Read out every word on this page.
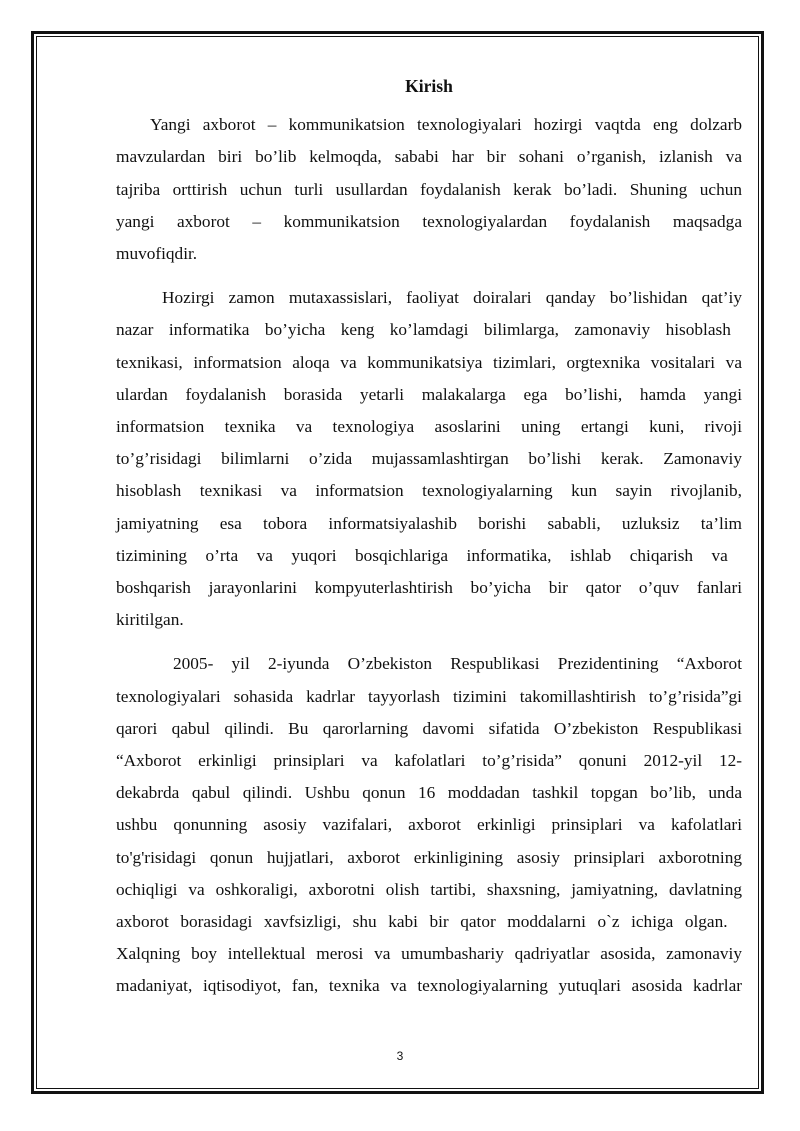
Kirish
Yangi axborot – kommunikatsion texnologiyalari hozirgi vaqtda eng dolzarb
mavzulardan biri bo’lib kelmoqda, sababi har bir sohani o’rganish, izlanish va
tajriba orttirish uchun turli usullardan foydalanish kerak bo’ladi. Shuning uchun
yangi axborot – kommunikatsion texnologiyalardan foydalanish maqsadga
muvofiqdir.
Hozirgi zamon mutaxassislari, faoliyat doiralari qanday bo’lishidan qat’iy
nazar informatika bo’yicha keng ko’lamdagi bilimlarga, zamonaviy hisoblash
texnikasi, informatsion aloqa va kommunikatsiya tizimlari, orgtexnika vositalari va
ulardan foydalanish borasida yetarli malakalarga ega bo’lishi, hamda yangi
informatsion texnika va texnologiya asoslarini uning ertangi kuni, rivoji
to’g’risidagi bilimlarni o’zida mujassamlashtirgan bo’lishi kerak. Zamonaviy
hisoblash texnikasi va informatsion texnologiyalarning kun sayin rivojlanib,
jamiyatning esa tobora informatsiyalashib borishi sababli, uzluksiz ta’lim
tizimining o’rta va yuqori bosqichlariga informatika, ishlab chiqarish va
boshqarish jarayonlarini kompyuterlashtirish bo’yicha bir qator o’quv fanlari
kiritilgan.
2005- yil 2-iyunda O’zbekiston Respublikasi Prezidentining “Axborot
texnologiyalari sohasida kadrlar tayyorlash tizimini takomillashtirish to’g’risida”gi
qarori qabul qilindi. Bu qarorlarning davomi sifatida O’zbekiston Respublikasi
“Axborot erkinligi prinsiplari va kafolatlari to’g’risida” qonuni 2012-yil 12-
dekabrda qabul qilindi. Ushbu qonun 16 moddadan tashkil topgan bo’lib, unda
ushbu qonunning asosiy vazifalari, axborot erkinligi prinsiplari va kafolatlari
to'g'risidagi qonun hujjatlari, axborot erkinligining asosiy prinsiplari axborotning
ochiqligi va oshkoraligi, axborotni olish tartibi, shaxsning, jamiyatning, davlatning
axborot borasidagi xavfsizligi, shu kabi bir qator moddalarni o`z ichiga olgan.
Xalqning boy intellektual merosi va umumbashariy qadriyatlar asosida, zamonaviy
madaniyat, iqtisodiyot, fan, texnika va texnologiyalarning yutuqlari asosida kadrlar
3
